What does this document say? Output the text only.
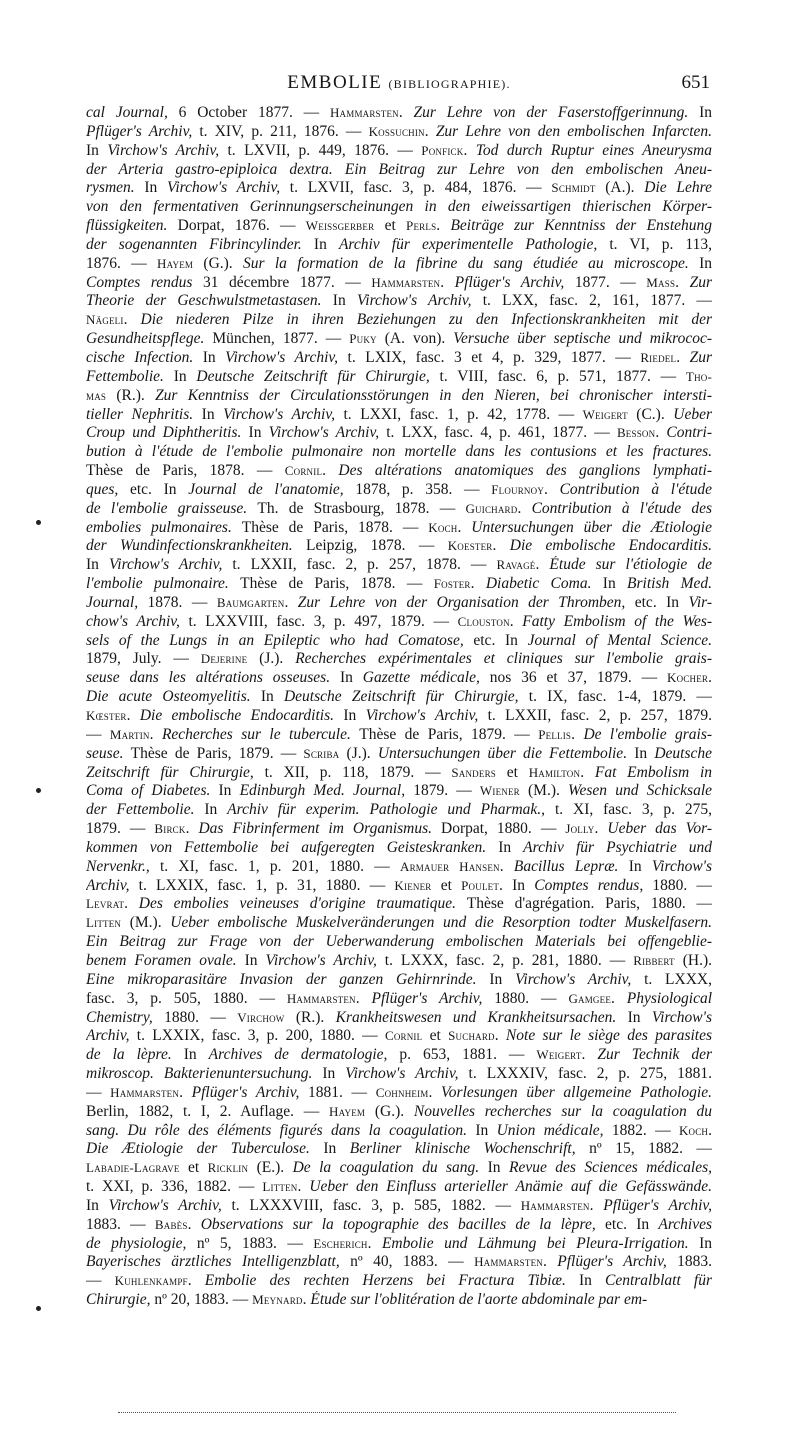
EMBOLIE (BIBLIOGRAPHIE).	651
cal Journal, 6 October 1877. — Hammarsten. Zur Lehre von der Faserstoffgerinnung. In
Pflüger's Archiv, t. XIV, p. 211, 1876. — Kossuchin. Zur Lehre von den embolischen Infarcten.
In Virchow's Archiv, t. LXVII, p. 449, 1876. — Ponfick. Tod durch Ruptur eines Aneurysma
der Arteria gastro-epiploica dextra. Ein Beitrag zur Lehre von den embolischen Aneu-
rysmen. In Virchow's Archiv, t. LXVII, fasc. 3, p. 484, 1876. — Schmidt (A.). Die Lehre
von den fermentativen Gerinnungserscheinungen in den eiweissartigen thierischen Körper-
flüssigkeiten. Dorpat, 1876. — Weissgerber et Perls. Beiträge zur Kenntniss der Enstehung
der sogenannten Fibrincylinder. In Archiv für experimentelle Pathologie, t. VI, p. 113,
1876. — Hayem (G.). Sur la formation de la fibrine du sang étudiée au microscope. In
Comptes rendus 31 décembre 1877. — Hammarsten. Pflüger's Archiv, 1877. — Mass. Zur
Theorie der Geschwulstmetastasen. In Virchow's Archiv, t. LXX, fasc. 2, 161, 1877. —
Nägeli. Die niederen Pilze in ihren Beziehungen zu den Infectionskrankheiten mit der
Gesundheitspflege. München, 1877. — Puky (A. von). Versuche über septische und mikrococ-
cische Infection. In Virchow's Archiv, t. LXIX, fasc. 3 et 4, p. 329, 1877. — Riedel. Zur
Fettembolie. In Deutsche Zeitschrift für Chirurgie, t. VIII, fasc. 6, p. 571, 1877. — Tho-
mas (R.). Zur Kenntniss der Circulationsstörungen in den Nieren, bei chronischer intersti-
tieller Nephritis. In Virchow's Archiv, t. LXXI, fasc. 1, p. 42, 1778. — Weigert (C.). Ueber
Croup und Diphtheritis. In Virchow's Archiv, t. LXX, fasc. 4, p. 461, 1877. — Besson. Contri-
bution à l'étude de l'embolie pulmonaire non mortelle dans les contusions et les fractures.
Thèse de Paris, 1878. — Cornil. Des altérations anatomiques des ganglions lymphati-
ques, etc. In Journal de l'anatomie, 1878, p. 358. — Flournoy. Contribution à l'étude
de l'embolie graisseuse. Th. de Strasbourg, 1878. — Guichard. Contribution à l'étude des
embolies pulmonaires. Thèse de Paris, 1878. — Koch. Untersuchungen über die Ætiologie
der Wundinfectionskrankheiten. Leipzig, 1878. — Koester. Die embolische Endocarditis.
In Virchow's Archiv, t. LXXII, fasc. 2, p. 257, 1878. — Ravagé. Étude sur l'étiologie de
l'embolie pulmonaire. Thèse de Paris, 1878. — Foster. Diabetic Coma. In British Med.
Journal, 1878. — Baumgarten. Zur Lehre von der Organisation der Thromben, etc. In Vir-
chow's Archiv, t. LXXVIII, fasc. 3, p. 497, 1879. — Clouston. Fatty Embolism of the Wes-
sels of the Lungs in an Epileptic who had Comatose, etc. In Journal of Mental Science.
1879, July. — Dejerine (J.). Recherches expérimentales et cliniques sur l'embolie grais-
seuse dans les altérations osseuses. In Gazette médicale, nos 36 et 37, 1879. — Kocher.
Die acute Osteomyelitis. In Deutsche Zeitschrift für Chirurgie, t. IX, fasc. 1-4, 1879. —
Kœster. Die embolische Endocarditis. In Virchow's Archiv, t. LXXII, fasc. 2, p. 257, 1879.
— Martin. Recherches sur le tubercule. Thèse de Paris, 1879. — Pellis. De l'embolie grais-
seuse. Thèse de Paris, 1879. — Scriba (J.). Untersuchungen über die Fettembolie. In Deutsche
Zeitschrift für Chirurgie, t. XII, p. 118, 1879. — Sanders et Hamilton. Fat Embolism in
Coma of Diabetes. In Edinburgh Med. Journal, 1879. — Wiener (M.). Wesen und Schicksale
der Fettembolie. In Archiv für experim. Pathologie und Pharmak., t. XI, fasc. 3, p. 275,
1879. — Birck. Das Fibrinferment im Organismus. Dorpat, 1880. — Jolly. Ueber das Vor-
kommen von Fettembolie bei aufgeregten Geisteskranken. In Archiv für Psychiatrie und
Nervenkr., t. XI, fasc. 1, p. 201, 1880. — Armauer Hansen. Bacillus Lepræ. In Virchow's
Archiv, t. LXXIX, fasc. 1, p. 31, 1880. — Kiener et Poulet. In Comptes rendus, 1880. —
Levrat. Des embolies veineuses d'origine traumatique. Thèse d'agrégation. Paris, 1880. —
Litten (M.). Ueber embolische Muskelveränderungen und die Resorption todter Muskelfasern.
Ein Beitrag zur Frage von der Ueberwanderung embolischen Materials bei offengeblie-
benem Foramen ovale. In Virchow's Archiv, t. LXXX, fasc. 2, p. 281, 1880. — Ribbert (H.).
Eine mikroparasitäre Invasion der ganzen Gehirnrinde. In Virchow's Archiv, t. LXXX,
fasc. 3, p. 505, 1880. — Hammarsten. Pflüger's Archiv, 1880. — Gamgee. Physiological
Chemistry, 1880. — Virchow (R.). Krankheitswesen und Krankheitsursachen. In Virchow's
Archiv, t. LXXIX, fasc. 3, p. 200, 1880. — Cornil et Suchard. Note sur le siège des parasites
de la lèpre. In Archives de dermatologie, p. 653, 1881. — Weigert. Zur Technik der
mikroscop. Bakterienuntersuchung. In Virchow's Archiv, t. LXXXIV, fasc. 2, p. 275, 1881.
— Hammarsten. Pflüger's Archiv, 1881. — Cohnheim. Vorlesungen über allgemeine Pathologie.
Berlin, 1882, t. I, 2. Auflage. — Hayem (G.). Nouvelles recherches sur la coagulation du
sang. Du rôle des éléments figurés dans la coagulation. In Union médicale, 1882. — Koch.
Die Ætiologie der Tuberculose. In Berliner klinische Wochenschrift, nº 15, 1882. —
Labadie-Lagrave et Ricklin (E.). De la coagulation du sang. In Revue des Sciences médicales,
t. XXI, p. 336, 1882. — Litten. Ueber den Einfluss arterieller Anämie auf die Gefässwände.
In Virchow's Archiv, t. LXXXVIII, fasc. 3, p. 585, 1882. — Hammarsten. Pflüger's Archiv,
1883. — Babès. Observations sur la topographie des bacilles de la lèpre, etc. In Archives
de physiologie, nº 5, 1883. — Escherich. Embolie und Lähmung bei Pleura-Irrigation. In
Bayerisches ärztliches Intelligenzblatt, nº 40, 1883. — Hammarsten. Pflüger's Archiv, 1883.
— Kuhlenkampf. Embolie des rechten Herzens bei Fractura Tibiæ. In Centralblatt für
Chirurgie, nº 20, 1883. — Meynard. Étude sur l'oblitération de l'aorte abdominale par em-
